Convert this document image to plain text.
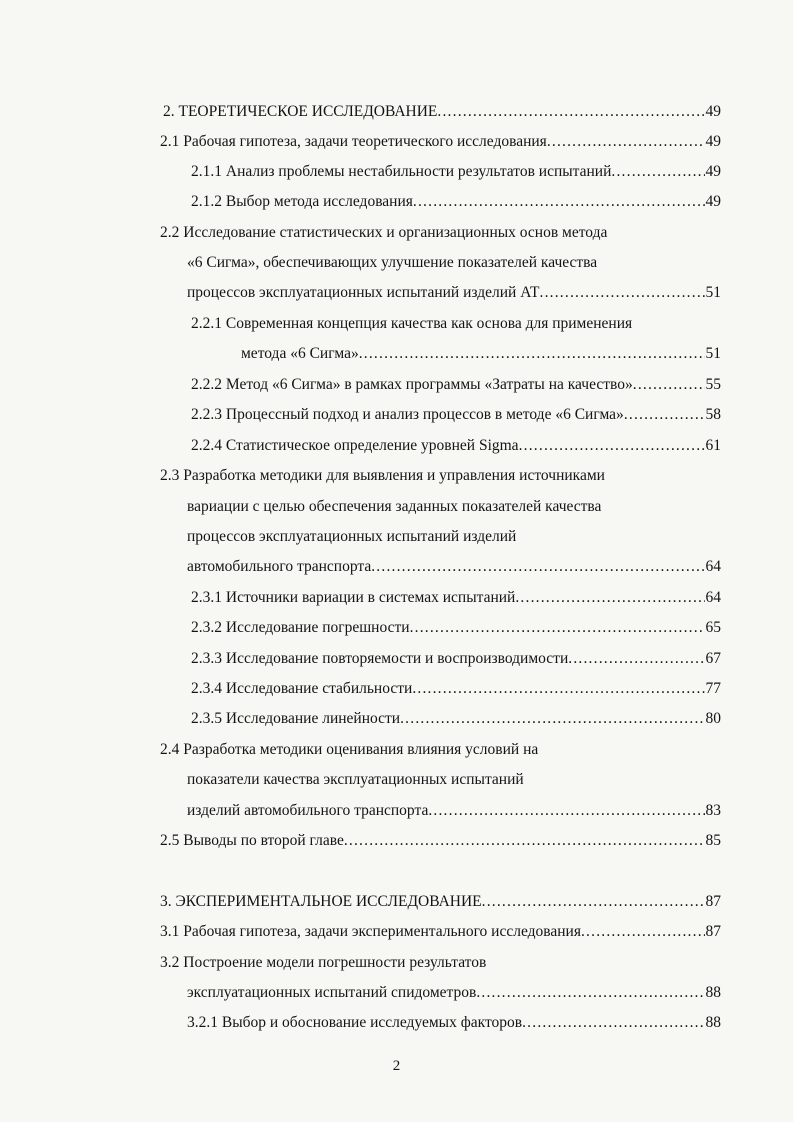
2. ТЕОРЕТИЧЕСКОЕ ИССЛЕДОВАНИЕ .....	49
2.1 Рабочая гипотеза, задачи теоретического исследования .....	49
2.1.1 Анализ проблемы нестабильности результатов испытаний .....	49
2.1.2 Выбор метода исследования .....	49
2.2 Исследование статистических и организационных основ метода
«6 Сигма», обеспечивающих улучшение показателей качества
процессов эксплуатационных испытаний изделий АТ .....	51
2.2.1 Современная концепция качества как основа для применения
метода «6 Сигма» .....	51
2.2.2 Метод «6 Сигма» в рамках программы «Затраты на качество» .....	55
2.2.3 Процессный подход и анализ процессов в методе «6 Сигма» .....	58
2.2.4 Статистическое определение уровней Sigma .....	61
2.3 Разработка методики для выявления и управления источниками
вариации с целью обеспечения заданных показателей качества
процессов эксплуатационных испытаний изделий
автомобильного транспорта .....	64
2.3.1 Источники вариации в системах испытаний .....	64
2.3.2 Исследование погрешности .....	65
2.3.3 Исследование повторяемости и воспроизводимости .....	67
2.3.4 Исследование стабильности .....	77
2.3.5 Исследование линейности .....	80
2.4 Разработка методики оценивания влияния условий на
показатели качества эксплуатационных испытаний
изделий автомобильного транспорта .....	83
2.5 Выводы по второй главе .....	85
3. ЭКСПЕРИМЕНТАЛЬНОЕ ИССЛЕДОВАНИЕ .....	87
3.1 Рабочая гипотеза, задачи экспериментального исследования .....	87
3.2 Построение модели погрешности результатов
эксплуатационных испытаний спидометров .....	88
3.2.1 Выбор и обоснование исследуемых факторов .....	88
2
